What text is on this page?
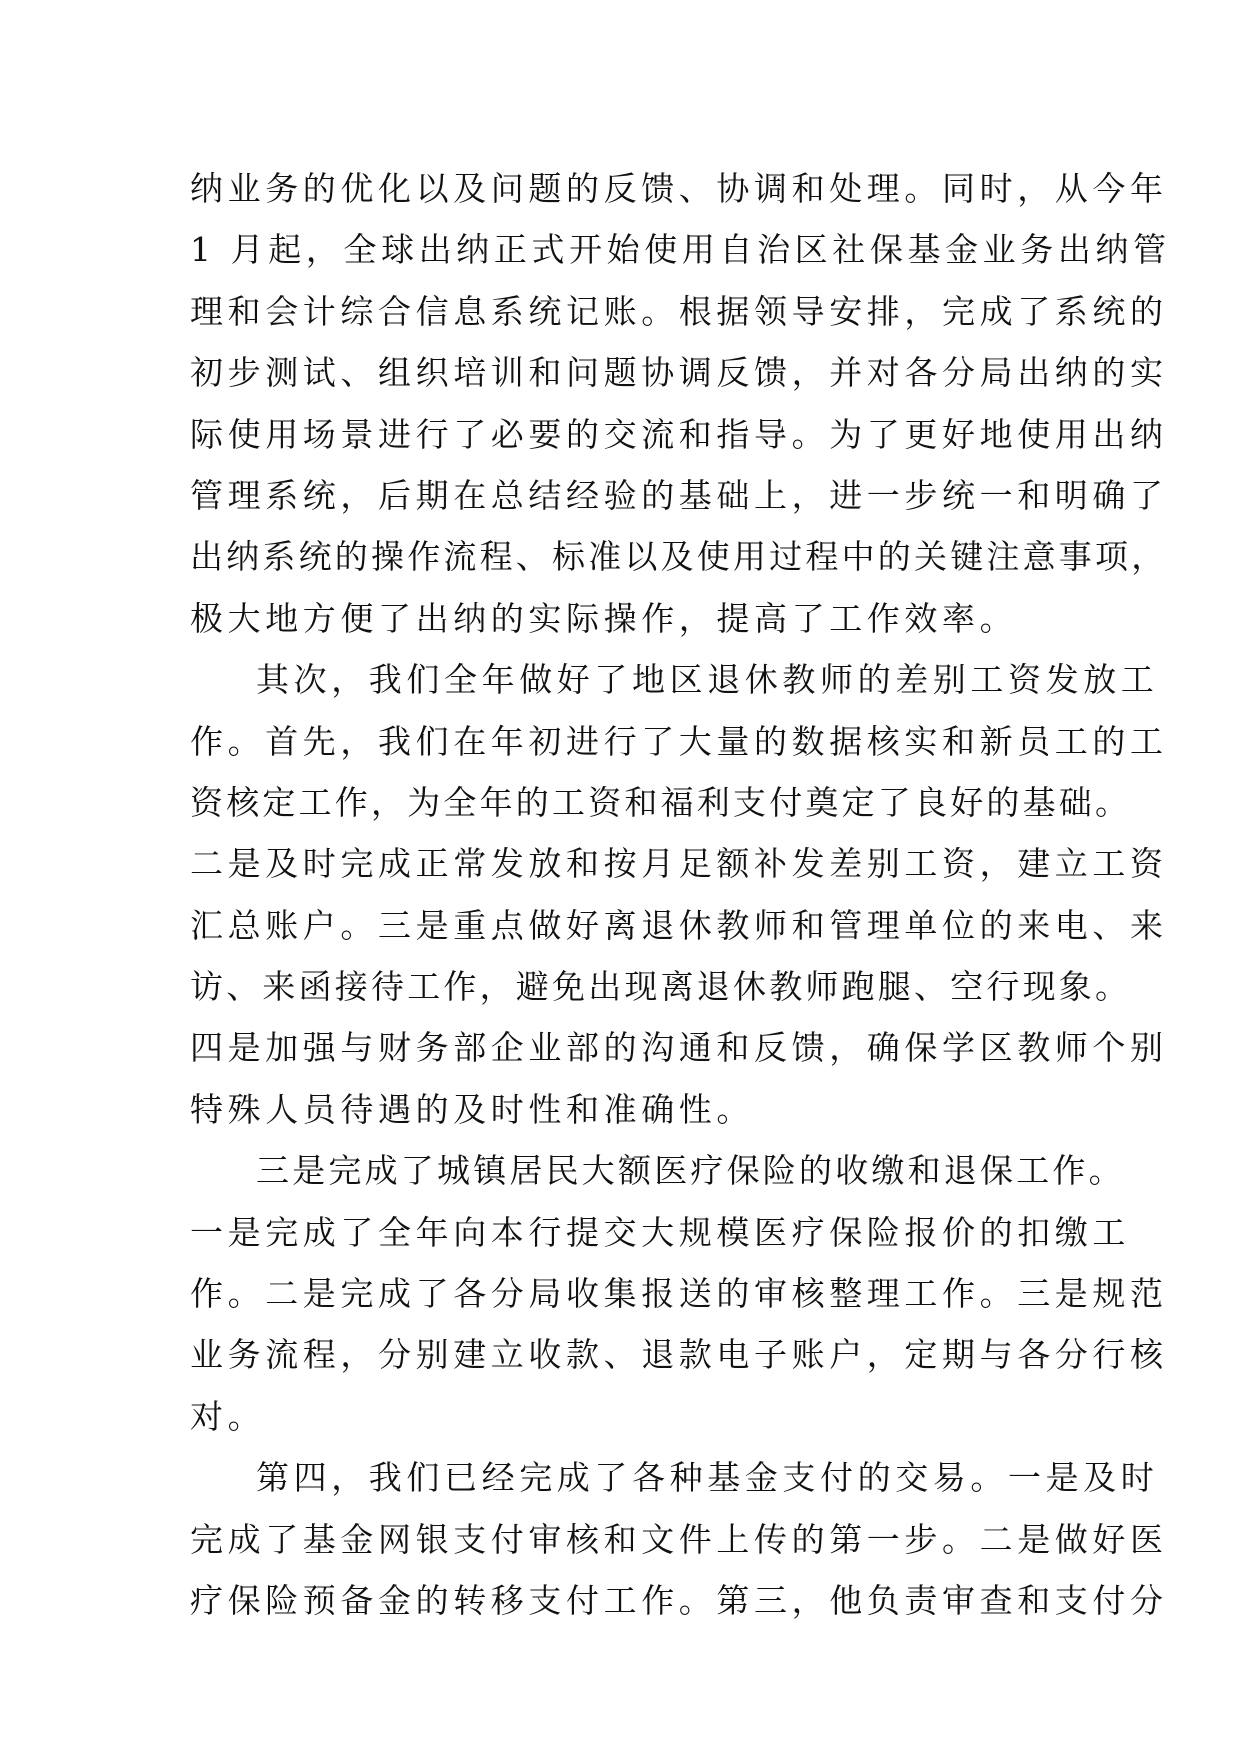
纳业务的优化以及问题的反馈、协调和处理。同时，从今年
1 月起，全球出纳正式开始使用自治区社保基金业务出纳管
理和会计综合信息系统记账。根据领导安排，完成了系统的
初步测试、组织培训和问题协调反馈，并对各分局出纳的实
际使用场景进行了必要的交流和指导。为了更好地使用出纳
管理系统，后期在总结经验的基础上，进一步统一和明确了
出纳系统的操作流程、标准以及使用过程中的关键注意事项，
极大地方便了出纳的实际操作，提高了工作效率。
其次，我们全年做好了地区退休教师的差别工资发放工
作。首先，我们在年初进行了大量的数据核实和新员工的工
资核定工作，为全年的工资和福利支付奠定了良好的基础。
二是及时完成正常发放和按月足额补发差别工资，建立工资
汇总账户。三是重点做好离退休教师和管理单位的来电、来
访、来函接待工作，避免出现离退休教师跑腿、空行现象。
四是加强与财务部企业部的沟通和反馈，确保学区教师个别
特殊人员待遇的及时性和准确性。
三是完成了城镇居民大额医疗保险的收缴和退保工作。
一是完成了全年向本行提交大规模医疗保险报价的扣缴工
作。二是完成了各分局收集报送的审核整理工作。三是规范
业务流程，分别建立收款、退款电子账户，定期与各分行核
对。
第四，我们已经完成了各种基金支付的交易。一是及时
完成了基金网银支付审核和文件上传的第一步。二是做好医
疗保险预备金的转移支付工作。第三，他负责审查和支付分
